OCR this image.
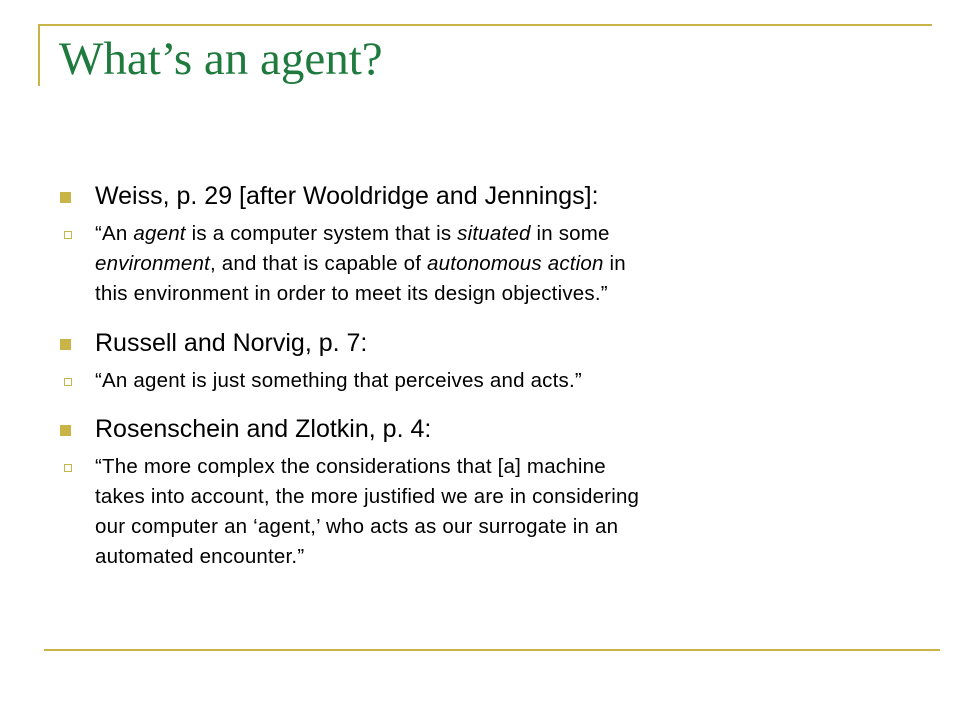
What’s an agent?
Weiss, p. 29 [after Wooldridge and Jennings]:
“An agent is a computer system that is situated in some
environment, and that is capable of autonomous action in
this environment in order to meet its design objectives.”
Russell and Norvig, p. 7:
“An agent is just something that perceives and acts.”
Rosenschein and Zlotkin, p. 4:
“The more complex the considerations that [a] machine
takes into account, the more justified we are in considering
our computer an ‘agent,’ who acts as our surrogate in an
automated encounter.”
